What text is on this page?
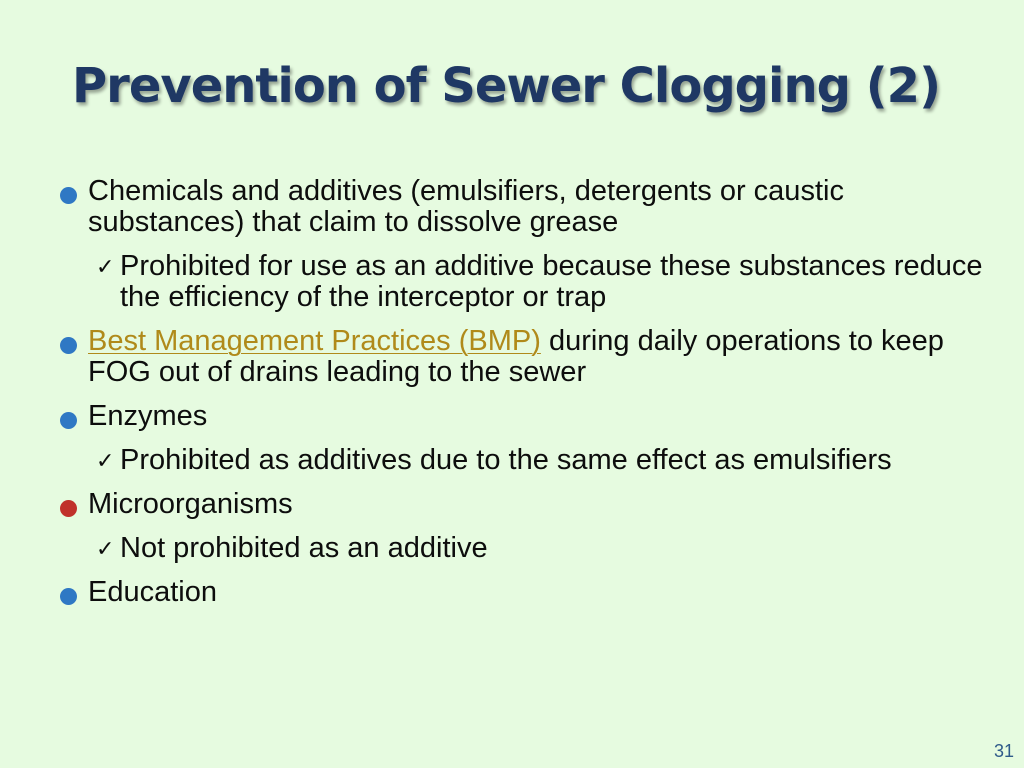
Prevention of Sewer Clogging (2)
Chemicals and additives (emulsifiers, detergents or caustic substances) that claim to dissolve grease
✓ Prohibited for use as an additive because these substances reduce the efficiency of the interceptor or trap
Best Management Practices (BMP) during daily operations to keep FOG out of drains leading to the sewer
Enzymes
✓ Prohibited as additives due to the same effect as emulsifiers
Microorganisms
✓ Not prohibited as an additive
Education
31
